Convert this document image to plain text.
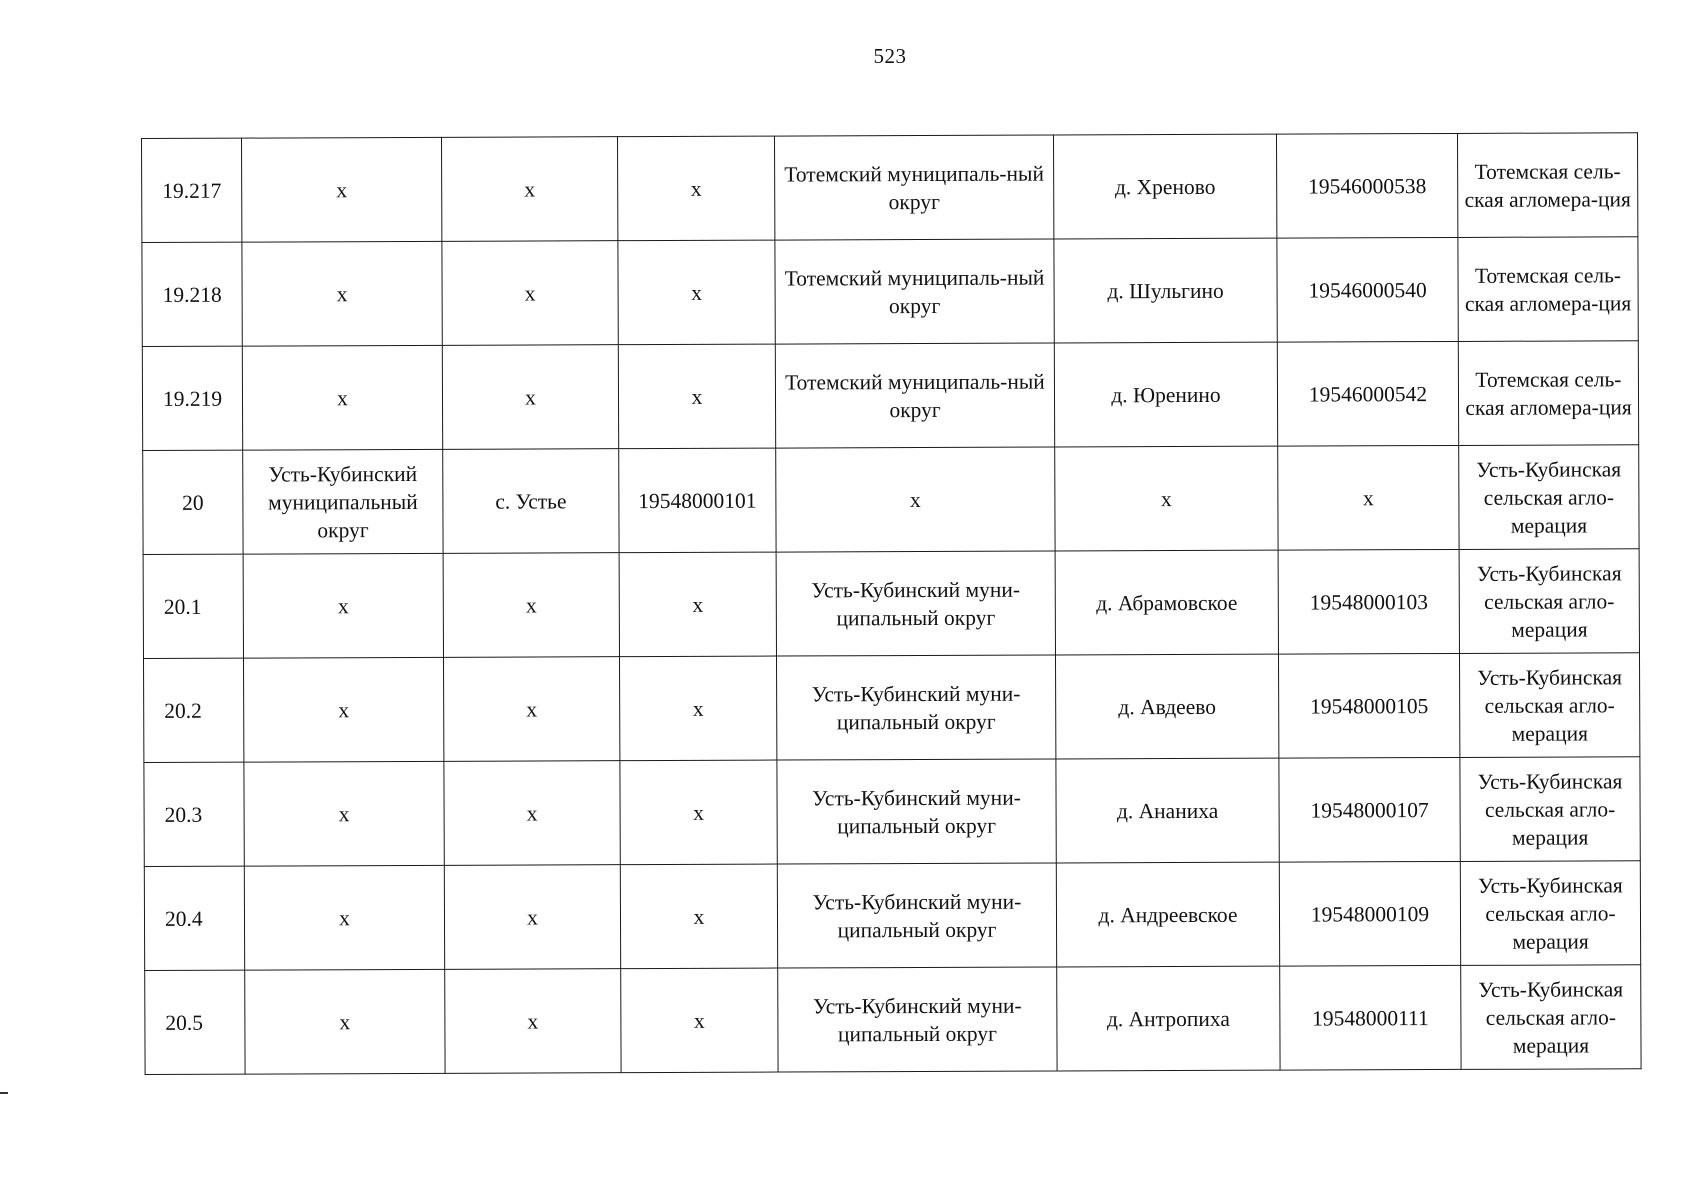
523
19.217	x	x	x	Тотемский муниципаль-ный округ	д. Хреново	19546000538	Тотемская сель-ская агломера-ция
19.218	x	x	x	Тотемский муниципаль-ный округ	д. Шульгино	19546000540	Тотемская сель-ская агломера-ция
19.219	x	x	x	Тотемский муниципаль-ный округ	д. Юренино	19546000542	Тотемская сель-ская агломера-ция
20	Усть-Кубинский муниципальный округ	с. Устье	19548000101	x	x	x	Усть-Кубинская сельская агло-мерация
20.1	x	x	x	Усть-Кубинский муни-ципальный округ	д. Абрамовское	19548000103	Усть-Кубинская сельская агло-мерация
20.2	x	x	x	Усть-Кубинский муни-ципальный округ	д. Авдеево	19548000105	Усть-Кубинская сельская агло-мерация
20.3	x	x	x	Усть-Кубинский муни-ципальный округ	д. Ананиха	19548000107	Усть-Кубинская сельская агло-мерация
20.4	x	x	x	Усть-Кубинский муни-ципальный округ	д. Андреевское	19548000109	Усть-Кубинская сельская агло-мерация
20.5	x	x	x	Усть-Кубинский муни-ципальный округ	д. Антропиха	19548000111	Усть-Кубинская сельская агло-мерация
